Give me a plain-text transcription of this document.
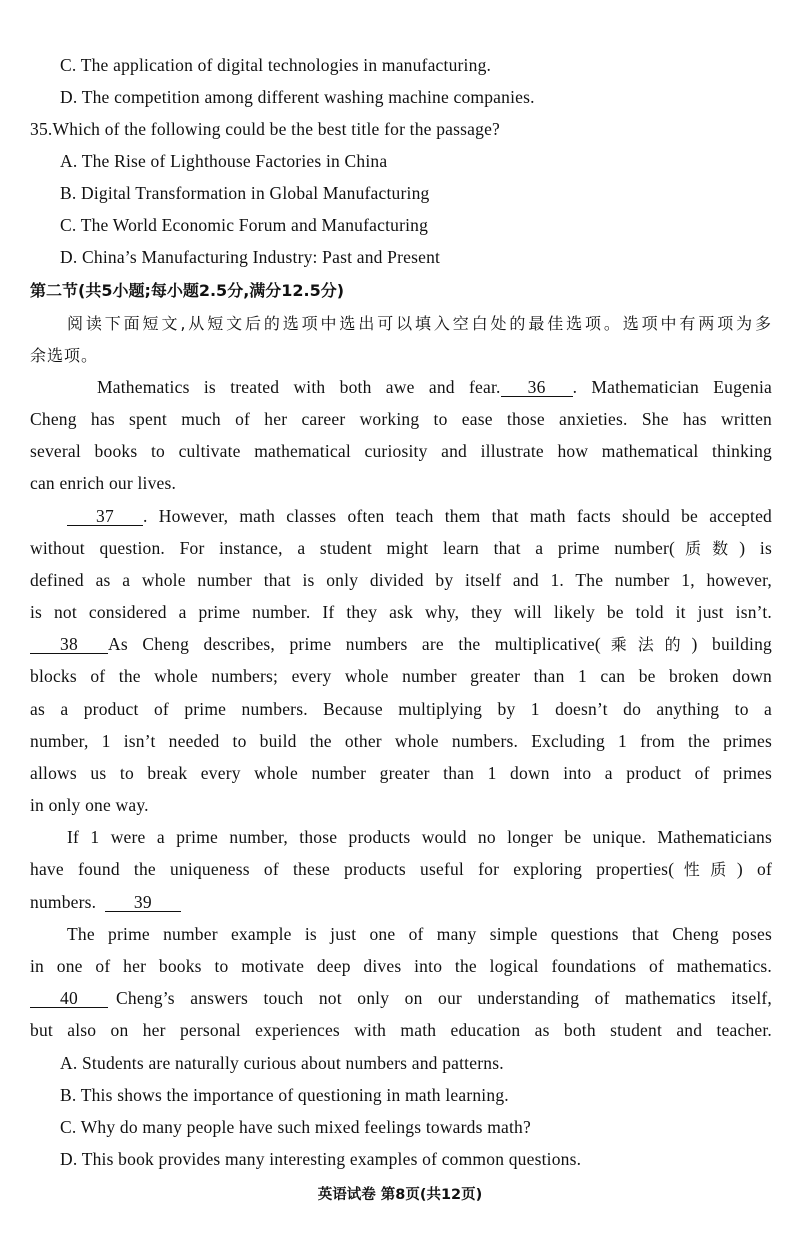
C. The application of digital technologies in manufacturing.
D. The competition among different washing machine companies.
35.Which of the following could be the best title for the passage?
A. The Rise of Lighthouse Factories in China
B. Digital Transformation in Global Manufacturing
C. The World Economic Forum and Manufacturing
D. China’s Manufacturing Industry: Past and Present
第二节(共5小题;每小题2.5分,满分12.5分)
阅读下面短文,从短文后的选项中选出可以填入空白处的最佳选项。选项中有两项为多
余选项。
Mathematics is treated with both awe and fear. 36 . Mathematician Eugenia
Cheng has spent much of her career working to ease those anxieties. She has written
several books to cultivate mathematical curiosity and illustrate how mathematical thinking
can enrich our lives.
37 . However, math classes often teach them that math facts should be accepted
without question. For instance, a student might learn that a prime number(质数) is
defined as a whole number that is only divided by itself and 1. The number 1, however,
is not considered a prime number. If they ask why, they will likely be told it just isn’t.
38 As Cheng describes, prime numbers are the multiplicative(乘法的) building
blocks of the whole numbers; every whole number greater than 1 can be broken down
as a product of prime numbers. Because multiplying by 1 doesn’t do anything to a
number, 1 isn’t needed to build the other whole numbers. Excluding 1 from the primes
allows us to break every whole number greater than 1 down into a product of primes
in only one way.
If 1 were a prime number, those products would no longer be unique. Mathematicians
have found the uniqueness of these products useful for exploring properties(性质) of
numbers. 39
The prime number example is just one of many simple questions that Cheng poses
in one of her books to motivate deep dives into the logical foundations of mathematics.
40 Cheng’s answers touch not only on our understanding of mathematics itself,
but also on her personal experiences with math education as both student and teacher.
A. Students are naturally curious about numbers and patterns.
B. This shows the importance of questioning in math learning.
C. Why do many people have such mixed feelings towards math?
D. This book provides many interesting examples of common questions.
英语试卷 第8页(共12页)
